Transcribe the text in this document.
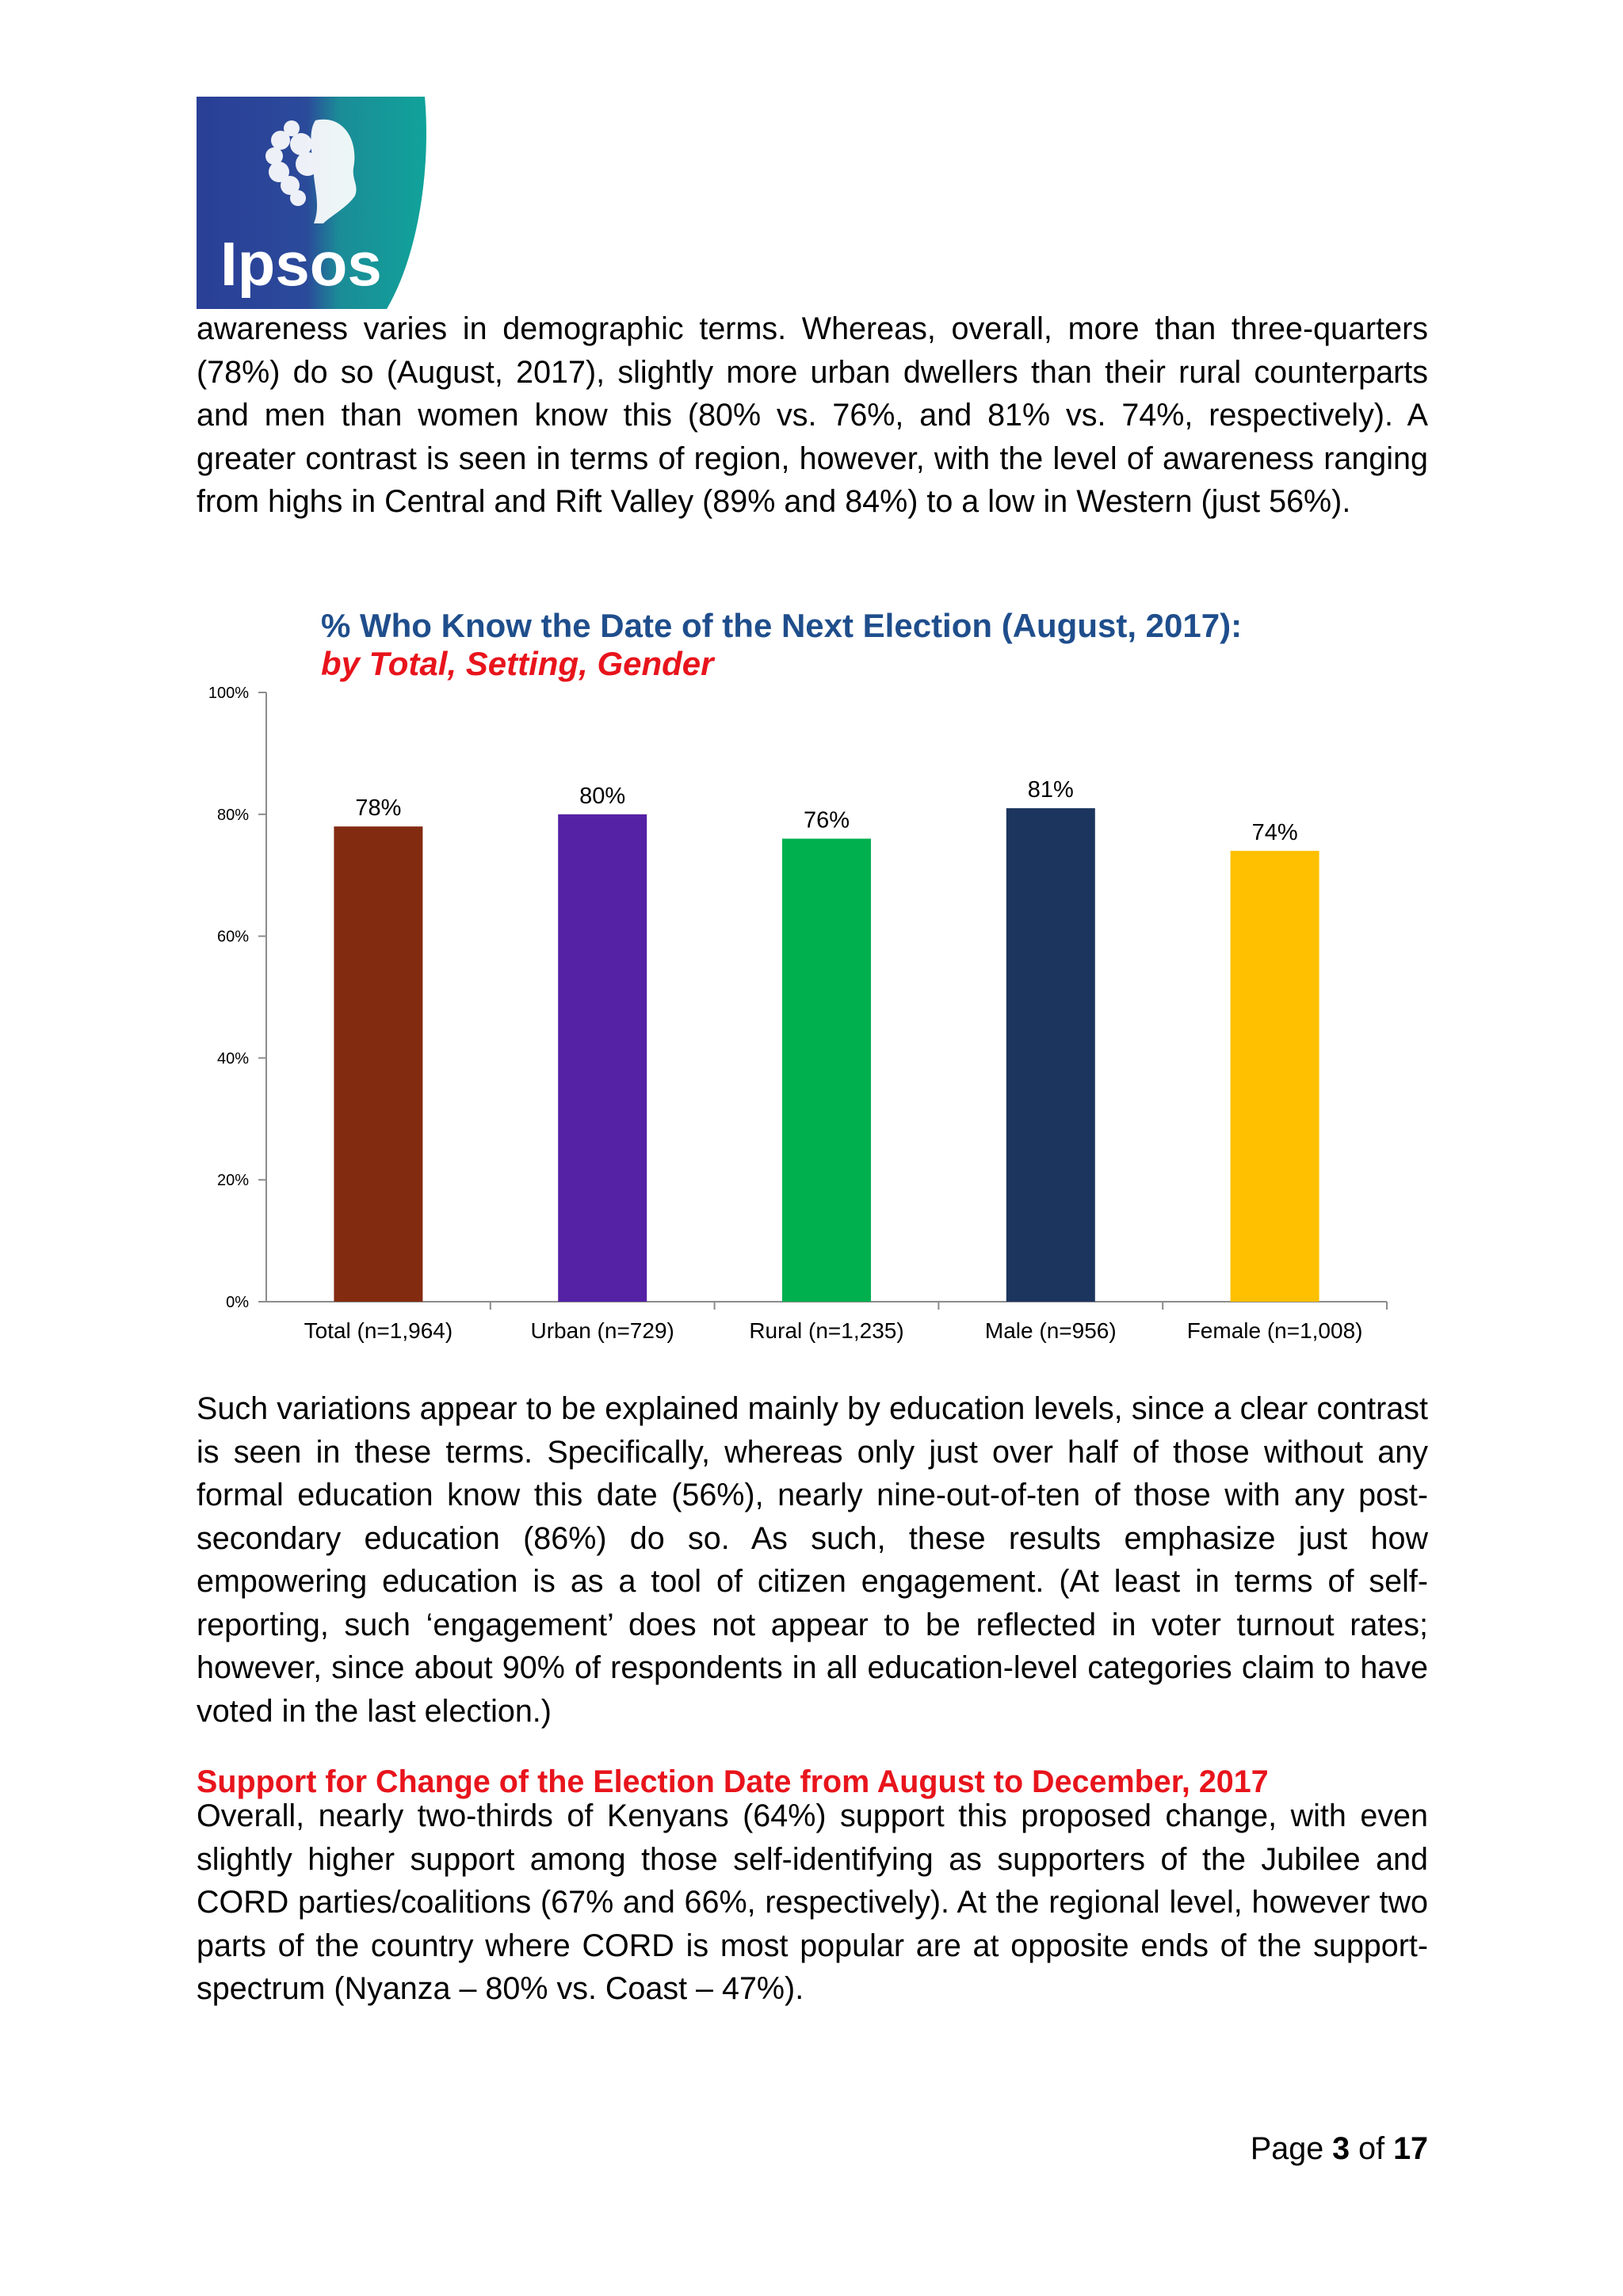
Ipsos

awareness varies in demographic terms. Whereas, overall, more than three-quarters (78%) do so (August, 2017), slightly more urban dwellers than their rural counterparts and men than women know this (80% vs. 76%, and 81% vs. 74%, respectively). A greater contrast is seen in terms of region, however, with the level of awareness ranging from highs in Central and Rift Valley (89% and 84%) to a low in Western (just 56%).

% Who Know the Date of the Next Election (August, 2017):
by Total, Setting, Gender
0%
20%
40%
60%
80%
100%
78%
Total (n=1,964)
80%
Urban (n=729)
76%
Rural (n=1,235)
81%
Male (n=956)
74%
Female (n=1,008)

Such variations appear to be explained mainly by education levels, since a clear contrast is seen in these terms. Specifically, whereas only just over half of those without any formal education know this date (56%), nearly nine-out-of-ten of those with any post-secondary education (86%) do so. As such, these results emphasize just how empowering education is as a tool of citizen engagement. (At least in terms of self-reporting, such ‘engagement’ does not appear to be reflected in voter turnout rates; however, since about 90% of respondents in all education-level categories claim to have voted in the last election.)

Support for Change of the Election Date from August to December, 2017

Overall, nearly two-thirds of Kenyans (64%) support this proposed change, with even slightly higher support among those self-identifying as supporters of the Jubilee and CORD parties/coalitions (67% and 66%, respectively). At the regional level, however two parts of the country where CORD is most popular are at opposite ends of the support-spectrum (Nyanza – 80% vs. Coast – 47%).

Page 3 of 17
